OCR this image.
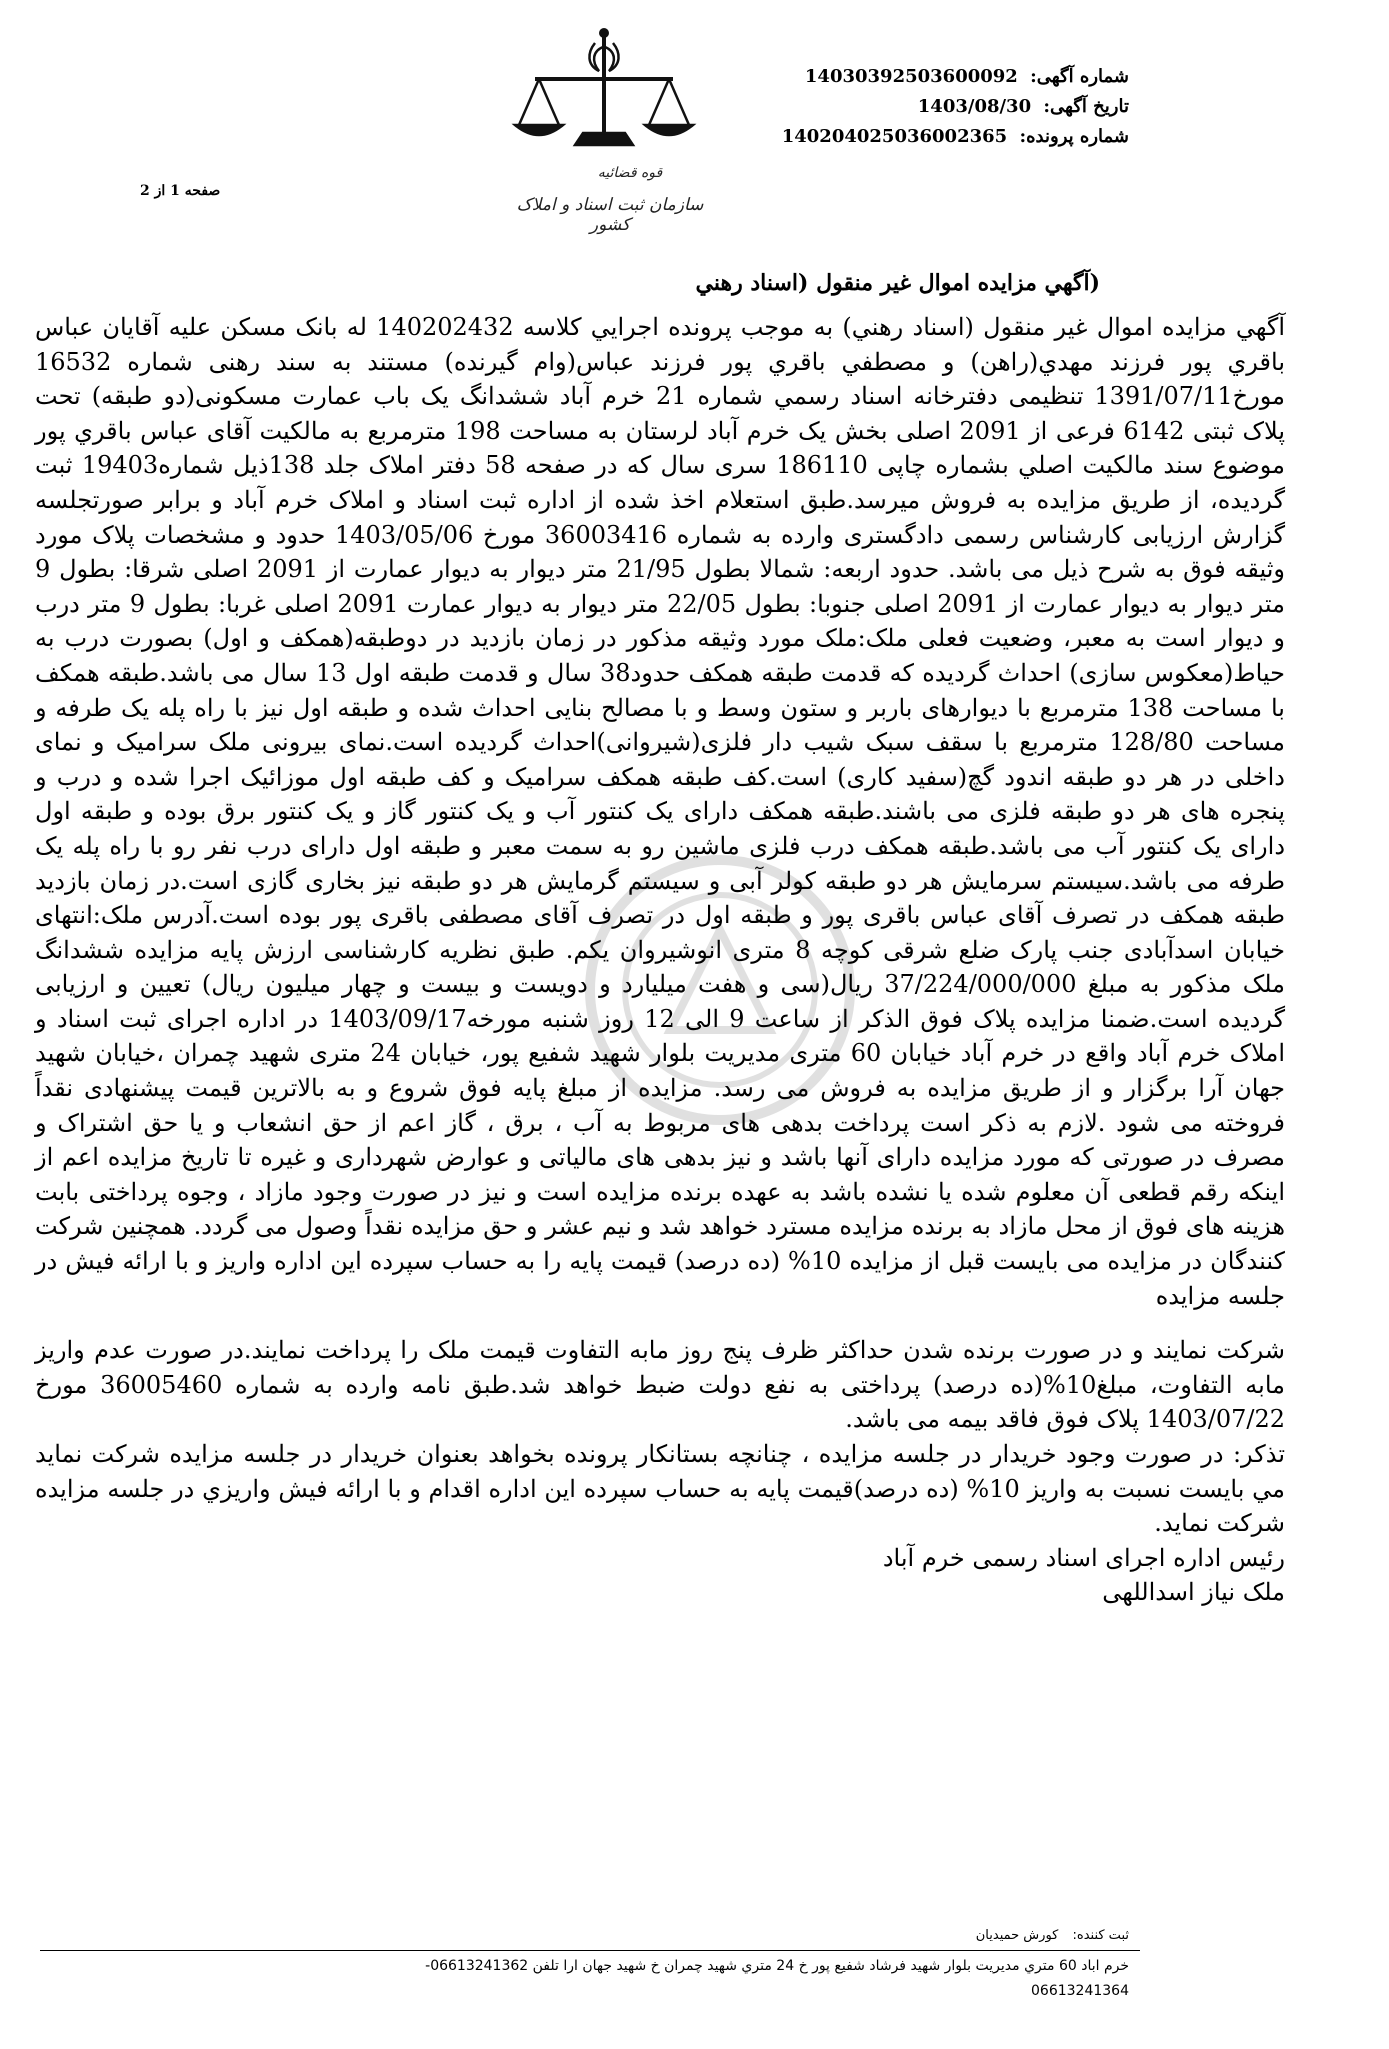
قوه قضائیه
سازمان ثبت اسناد و املاک کشور
شماره آگهی: 14030392503600092
تاریخ آگهی: 1403/08/30
شماره پرونده: 140204025036002365
صفحه 1 از 2
(آگهي مزايده اموال غير منقول (اسناد رهني

آگهي مزايده اموال غير منقول (اسناد رهني) به موجب پرونده اجرايي كلاسه 140202432 له بانک مسکن علیه آقایان عباس باقري پور فرزند مهدي(راهن) و مصطفي باقري پور فرزند عباس(وام گیرنده) مستند به سند رهنی شماره 16532 مورخ1391/07/11 تنظیمی دفترخانه اسناد رسمي شماره 21 خرم آباد ششدانگ یک باب عمارت مسکونی(دو طبقه) تحت پلاک ثبتی 6142 فرعی از 2091 اصلی بخش یک خرم آباد لرستان به مساحت 198 مترمربع به مالکیت آقای عباس باقري پور موضوع سند مالکیت اصلي بشماره چاپی 186110 سری سال که در صفحه 58 دفتر املاک جلد 138ذیل شماره19403 ثبت گردیده، از طریق مزایده به فروش میرسد.طبق استعلام اخذ شده از اداره ثبت اسناد و املاک خرم آباد و برابر صورتجلسه گزارش ارزیابی کارشناس رسمی دادگستری وارده به شماره 36003416 مورخ 1403/05/06 حدود و مشخصات پلاک مورد وثیقه فوق به شرح ذیل می باشد. حدود اربعه: شمالا بطول 21/95 متر دیوار به دیوار عمارت از 2091 اصلی شرقا: بطول 9 متر دیوار به دیوار عمارت از 2091 اصلی جنوبا: بطول 22/05 متر دیوار به دیوار عمارت 2091 اصلی غربا: بطول 9 متر درب و دیوار است به معبر، وضعیت فعلی ملک:ملک مورد وثیقه مذکور در زمان بازدید در دوطبقه(همکف و اول) بصورت درب به حیاط(معکوس سازی) احداث گردیده که قدمت طبقه همکف حدود38 سال و قدمت طبقه اول 13 سال می باشد.طبقه همکف با مساحت 138 مترمربع با دیوارهای باربر و ستون وسط و با مصالح بنایی احداث شده و طبقه اول نیز با راه پله یک طرفه و مساحت 128/80 مترمربع با سقف سبک شیب دار فلزی(شیروانی)احداث گردیده است.نمای بیرونی ملک سرامیک و نمای داخلی در هر دو طبقه اندود گچ(سفید کاری) است.کف طبقه همکف سرامیک و کف طبقه اول موزائیک اجرا شده و درب و پنجره های هر دو طبقه فلزی می باشند.طبقه همکف دارای یک کنتور آب و یک کنتور گاز و یک کنتور برق بوده و طبقه اول دارای یک کنتور آب می باشد.طبقه همکف درب فلزی ماشین رو به سمت معبر و طبقه اول دارای درب نفر رو با راه پله یک طرفه می باشد.سیستم سرمایش هر دو طبقه کولر آبی و سیستم گرمایش هر دو طبقه نیز بخاری گازی است.در زمان بازدید طبقه همکف در تصرف آقای عباس باقری پور و طبقه اول در تصرف آقای مصطفی باقری پور بوده است.آدرس ملک:انتهای خیابان اسدآبادی جنب پارک ضلع شرقی کوچه 8 متری انوشیروان یکم. طبق نظریه کارشناسی ارزش پایه مزایده ششدانگ ملک مذکور به مبلغ 37/224/000/000 ریال(سی و هفت میلیارد و دویست و بیست و چهار میلیون ریال) تعیین و ارزیابی گردیده است.ضمنا مزایده پلاک فوق الذکر از ساعت 9 الی 12 روز شنبه مورخه1403/09/17 در اداره اجرای ثبت اسناد و املاک خرم آباد واقع در خرم آباد خیابان 60 متری مدیریت بلوار شهید شفیع پور، خیابان 24 متری شهید چمران ،خیابان شهید جهان آرا برگزار و از طریق مزایده به فروش می رسد. مزایده از مبلغ پایه فوق شروع و به بالاترین قیمت پیشنهادی نقداً فروخته می شود .لازم به ذکر است پرداخت بدهی های مربوط به آب ، برق ، گاز اعم از حق انشعاب و یا حق اشتراک و مصرف در صورتی که مورد مزایده دارای آنها باشد و نیز بدهی های مالیاتی و عوارض شهرداری و غیره تا تاریخ مزایده اعم از اینکه رقم قطعی آن معلوم شده یا نشده باشد به عهده برنده مزایده است و نیز در صورت وجود مازاد ، وجوه پرداختی بابت هزینه های فوق از محل مازاد به برنده مزایده مسترد خواهد شد و نیم عشر و حق مزایده نقداً وصول می گردد. همچنین شرکت کنندگان در مزایده می بایست قبل از مزایده 10% (ده درصد) قیمت پایه را به حساب سپرده این اداره واریز و با ارائه فیش در جلسه مزایده

شرکت نمایند و در صورت برنده شدن حداکثر ظرف پنج روز مابه التفاوت قیمت ملک را پرداخت نمایند.در صورت عدم واریز مابه التفاوت، مبلغ10%(ده درصد) پرداختی به نفع دولت ضبط خواهد شد.طبق نامه وارده به شماره 36005460 مورخ 1403/07/22 پلاک فوق فاقد بیمه می باشد.

تذکر: در صورت وجود خریدار در جلسه مزایده ، چنانچه بستانکار پرونده بخواهد بعنوان خریدار در جلسه مزایده شرکت نماید مي بایست نسبت به واریز 10% (ده درصد)قیمت پایه به حساب سپرده این اداره اقدام و با ارائه فیش واریزي در جلسه مزایده شرکت نماید.

رئیس اداره اجرای اسناد رسمی خرم آباد

ملک نیاز اسداللهی

ثبت کننده: کورش حمیدیان
خرم اباد 60 متري مديريت بلوار شهيد فرشاد شفيع پور خ 24 متري شهيد چمران خ شهيد جهان ارا تلفن 06613241362-
06613241364
